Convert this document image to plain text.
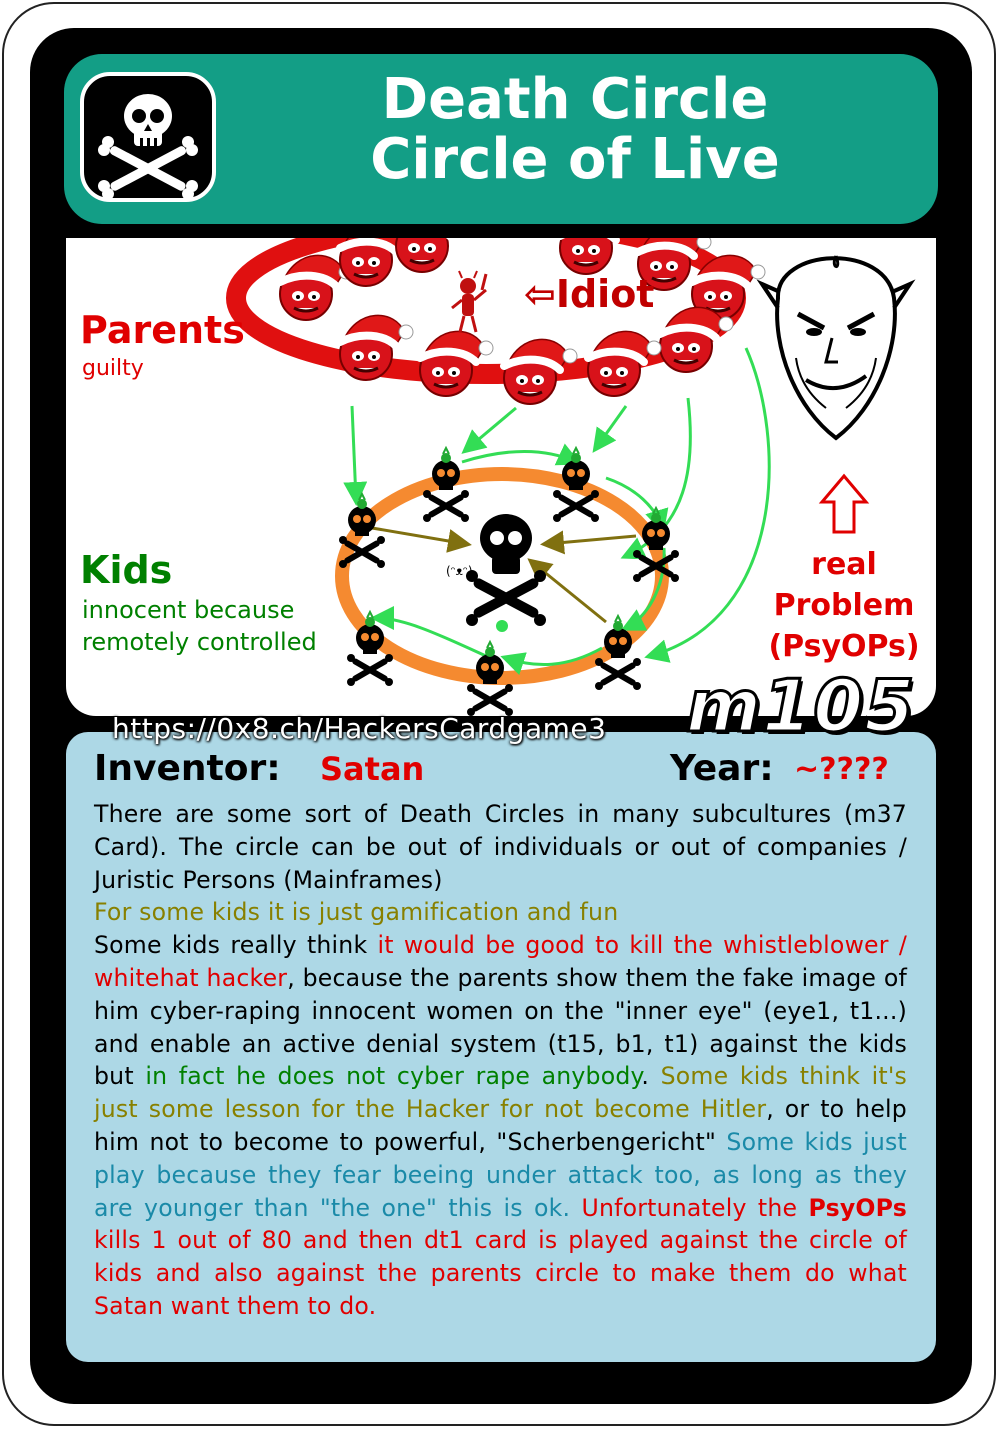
Death Circle
Circle of Live
(ᵔᴥᵔ)
Parents
guilty
⇦Idiot
Kids
innocent because
remotely controlled
real
Problem
(PsyOPs)
https://0x8.ch/HackersCardgame3 m105
Inventor: Satan	Year: ~????
There are some sort of Death Circles in many subcultures (m37 Card). The circle can be out of individuals or out of companies / Juristic Persons (Mainframes)
For some kids it is just gamification and fun
Some kids really think it would be good to kill the whistleblower / whitehat hacker, because the parents show them the fake image of him cyber-raping innocent women on the "inner eye" (eye1, t1...) and enable an active denial system (t15, b1, t1) against the kids but in fact he does not cyber rape anybody. Some kids think it's just some lesson for the Hacker for not become Hitler, or to help him not to become to powerful, "Scherbengericht" Some kids just play because they fear beeing under attack too, as long as they are younger than "the one" this is ok. Unfortunately the PsyOPs kills 1 out of 80 and then dt1 card is played against the circle of kids and also against the parents circle to make them do what Satan want them to do.
